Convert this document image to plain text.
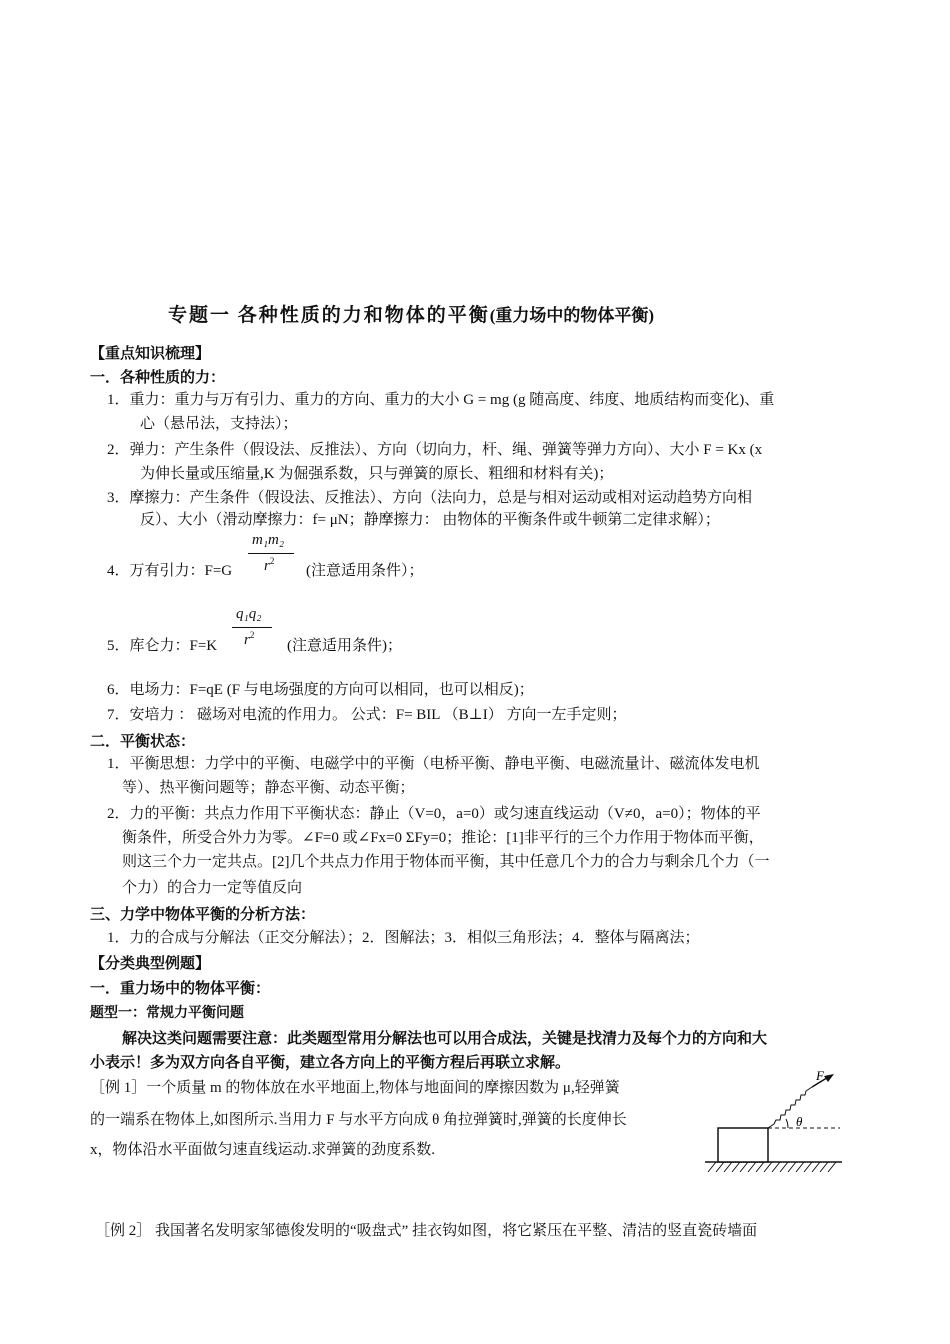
专题一 各种性质的力和物体的平衡(重力场中的物体平衡)
【重点知识梳理】
一．各种性质的力：
1．重力：重力与万有引力、重力的方向、重力的大小 G = mg (g 随高度、纬度、地质结构而变化)、重
心（悬吊法，支持法）；
2．弹力：产生条件（假设法、反推法）、方向（切向力，杆、绳、弹簧等弹力方向）、大小 F = Kx (x
为伸长量或压缩量,K 为倔强系数，只与弹簧的原长、粗细和材料有关)；
3．摩擦力：产生条件（假设法、反推法）、方向（法向力，总是与相对运动或相对运动趋势方向相
反）、大小（滑动摩擦力：f= μN；静摩擦力： 由物体的平衡条件或牛顿第二定律求解）；
m₁m₂
$r^2$
4．万有引力：F=G	(注意适用条件）；
q₁q₂
$r^2$
5．库仑力：F=K	(注意适用条件)；
6．电场力：F=qE (F 与电场强度的方向可以相同，也可以相反)；
7．安培力 ： 磁场对电流的作用力。 公式：F= BIL （B⊥I） 方向一左手定则；
二．平衡状态：
1．平衡思想：力学中的平衡、电磁学中的平衡（电桥平衡、静电平衡、电磁流量计、磁流体发电机
等）、热平衡问题等；静态平衡、动态平衡；
2．力的平衡：共点力作用下平衡状态：静止（V=0，a=0）或匀速直线运动（V≠0，a=0）；物体的平
衡条件，所受合外力为零。∠F=0 或∠Fx=0 ΣFy=0；推论：[1]非平行的三个力作用于物体而平衡，
则这三个力一定共点。[2]几个共点力作用于物体而平衡，其中任意几个力的合力与剩余几个力（一
个力）的合力一定等值反向
三、力学中物体平衡的分析方法：
1．力的合成与分解法（正交分解法）；2．图解法；3．相似三角形法；4．整体与隔离法；
【分类典型例题】
一．重力场中的物体平衡：
题型一：常规力平衡问题
解决这类问题需要注意：此类题型常用分解法也可以用合成法，关键是找清力及每个力的方向和大
小表示！多为双方向各自平衡，建立各方向上的平衡方程后再联立求解。
［例 1］一个质量 m 的物体放在水平地面上,物体与地面间的摩擦因数为 μ,轻弹簧
的一端系在物体上,如图所示.当用力 F 与水平方向成 θ 角拉弹簧时,弹簧的长度伸长
x，物体沿水平面做匀速直线运动.求弹簧的劲度系数.
F
θ
［例 2］ 我国著名发明家邹德俊发明的“吸盘式” 挂衣钩如图，将它紧压在平整、清洁的竖直瓷砖墙面
